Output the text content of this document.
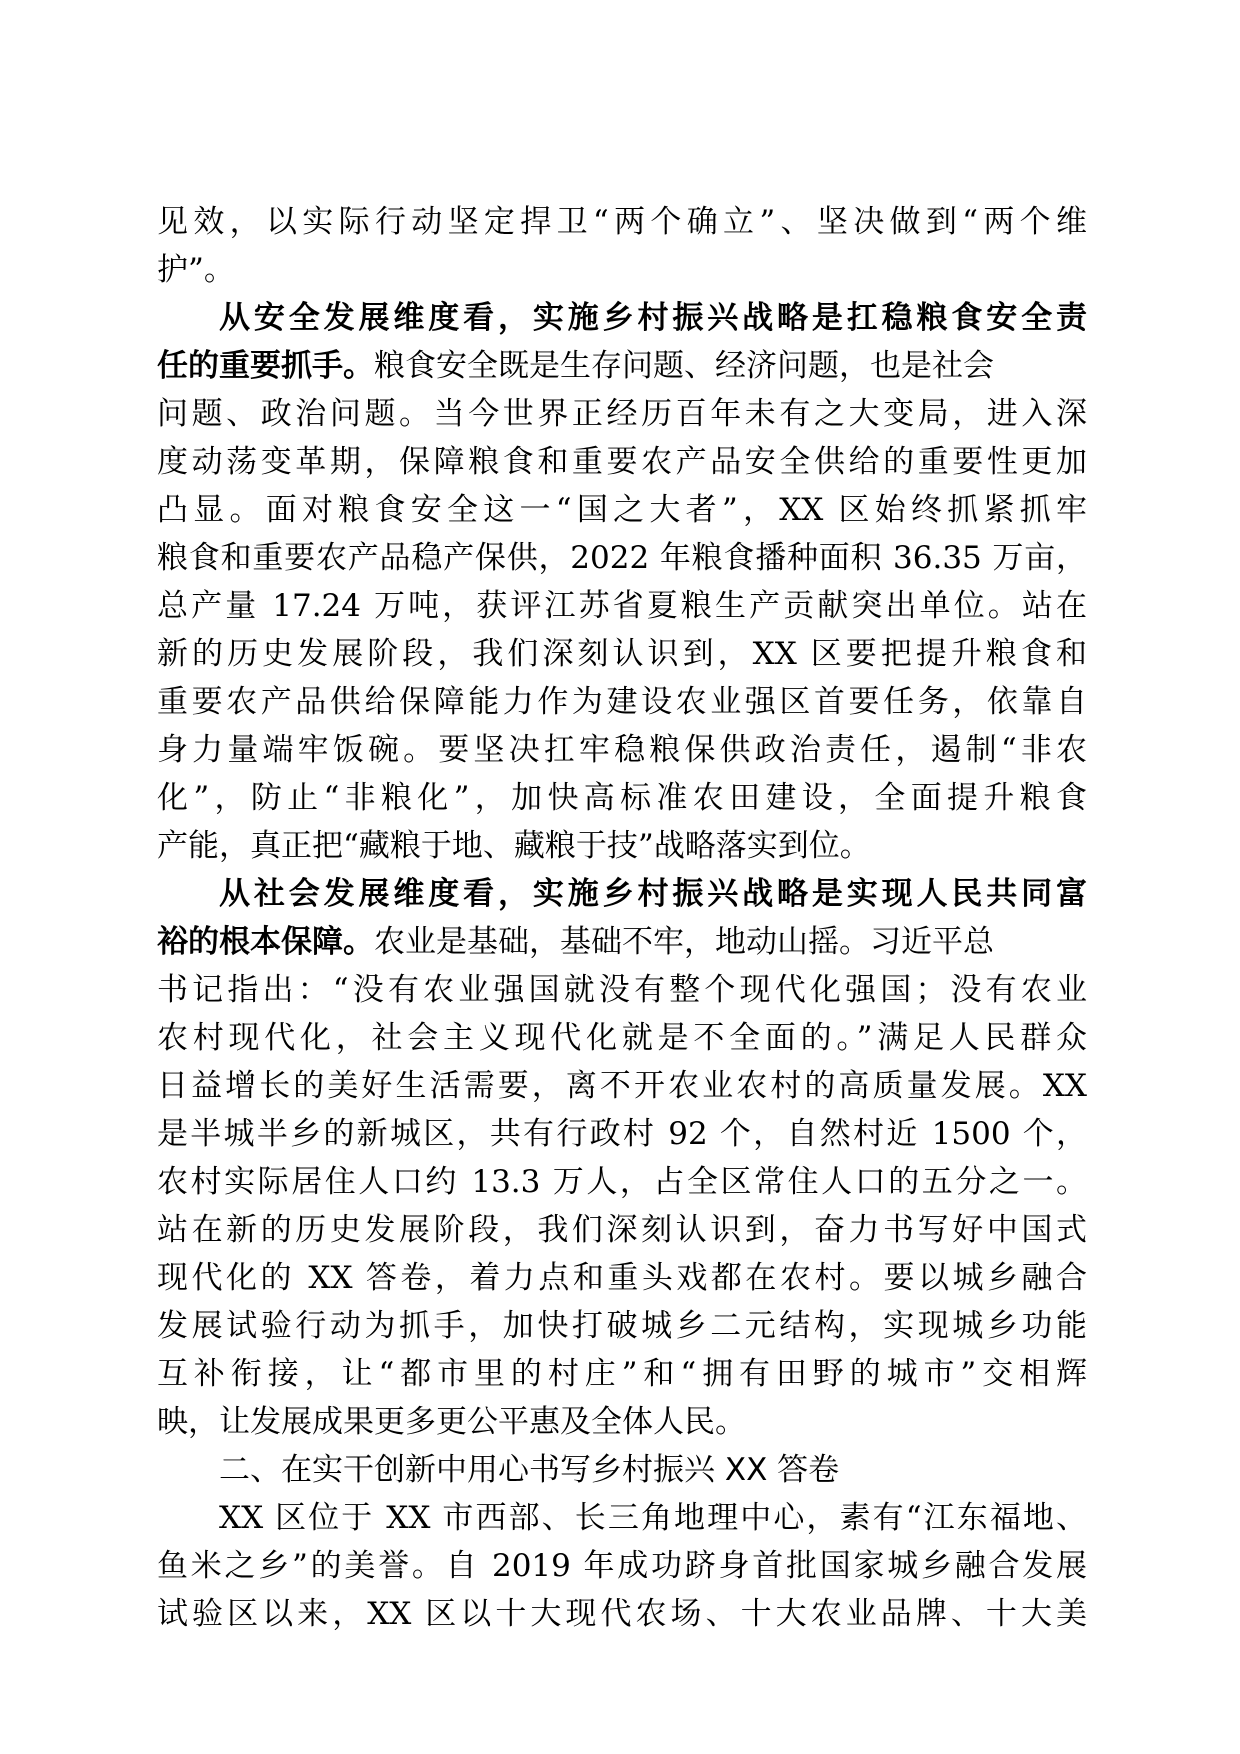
见效，以实际行动坚定捍卫“两个确立”、坚决做到“两个维
护”。
从安全发展维度看，实施乡村振兴战略是扛稳粮食安全责
任的重要抓手。粮食安全既是生存问题、经济问题，也是社会
问题、政治问题。当今世界正经历百年未有之大变局，进入深
度动荡变革期，保障粮食和重要农产品安全供给的重要性更加
凸显。面对粮食安全这一“国之大者”，XX 区始终抓紧抓牢
粮食和重要农产品稳产保供，2022 年粮食播种面积 36.35 万亩，
总产量 17.24 万吨，获评江苏省夏粮生产贡献突出单位。站在
新的历史发展阶段，我们深刻认识到，XX 区要把提升粮食和
重要农产品供给保障能力作为建设农业强区首要任务，依靠自
身力量端牢饭碗。要坚决扛牢稳粮保供政治责任，遏制“非农
化”，防止“非粮化”，加快高标准农田建设，全面提升粮食
产能，真正把“藏粮于地、藏粮于技”战略落实到位。
从社会发展维度看，实施乡村振兴战略是实现人民共同富
裕的根本保障。农业是基础，基础不牢，地动山摇。习近平总
书记指出：“没有农业强国就没有整个现代化强国；没有农业
农村现代化，社会主义现代化就是不全面的。”满足人民群众
日益增长的美好生活需要，离不开农业农村的高质量发展。XX
是半城半乡的新城区，共有行政村 92 个，自然村近 1500 个，
农村实际居住人口约 13.3 万人，占全区常住人口的五分之一。
站在新的历史发展阶段，我们深刻认识到，奋力书写好中国式
现代化的 XX 答卷，着力点和重头戏都在农村。要以城乡融合
发展试验行动为抓手，加快打破城乡二元结构，实现城乡功能
互补衔接，让“都市里的村庄”和“拥有田野的城市”交相辉
映，让发展成果更多更公平惠及全体人民。
二、在实干创新中用心书写乡村振兴 XX 答卷
XX 区位于 XX 市西部、长三角地理中心，素有“江东福地、
鱼米之乡”的美誉。自 2019 年成功跻身首批国家城乡融合发展
试验区以来，XX 区以十大现代农场、十大农业品牌、十大美
